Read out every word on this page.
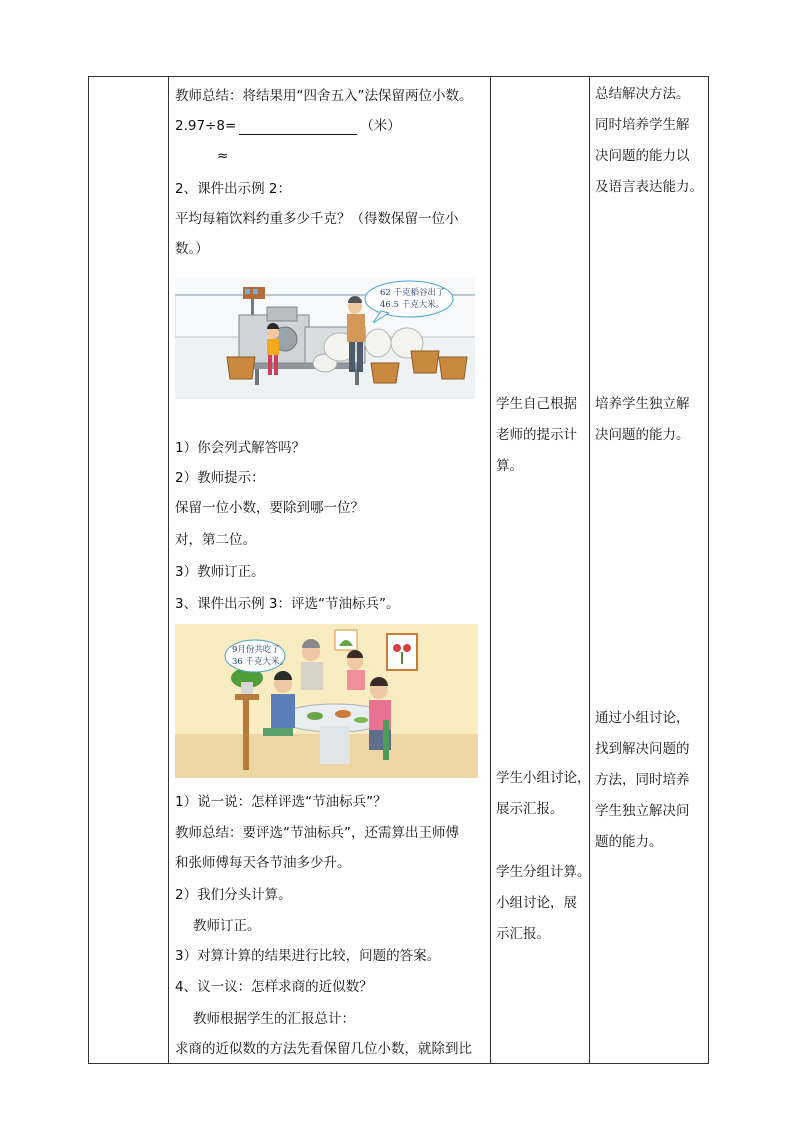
教师总结：将结果用“四舍五入”法保留两位小数。
2.97÷8=	（米）
≈
2、课件出示例 2：
平均每箱饮料约重多少千克？（得数保留一位小
数。）
62 千克稻谷出了
46.5 千克大米。
1）你会列式解答吗？
2）教师提示：
保留一位小数，要除到哪一位？
对，第二位。
3）教师订正。
3、课件出示例 3：评选“节油标兵”。
9月份共吃了
36 千克大米。
1）说一说：怎样评选“节油标兵”？
教师总结：要评选“节油标兵”，还需算出王师傅
和张师傅每天各节油多少升。
2）我们分头计算。
教师订正。
3）对算计算的结果进行比较，问题的答案。
4、议一议：怎样求商的近似数？
教师根据学生的汇报总计：
求商的近似数的方法先看保留几位小数，就除到比

学生自己根据
老师的提示计
算。
学生小组讨论，
展示汇报。
学生分组计算。
小组讨论，展
示汇报。

总结解决方法。
同时培养学生解
决问题的能力以
及语言表达能力。
培养学生独立解
决问题的能力。
通过小组讨论，
找到解决问题的
方法，同时培养
学生独立解决问
题的能力。
